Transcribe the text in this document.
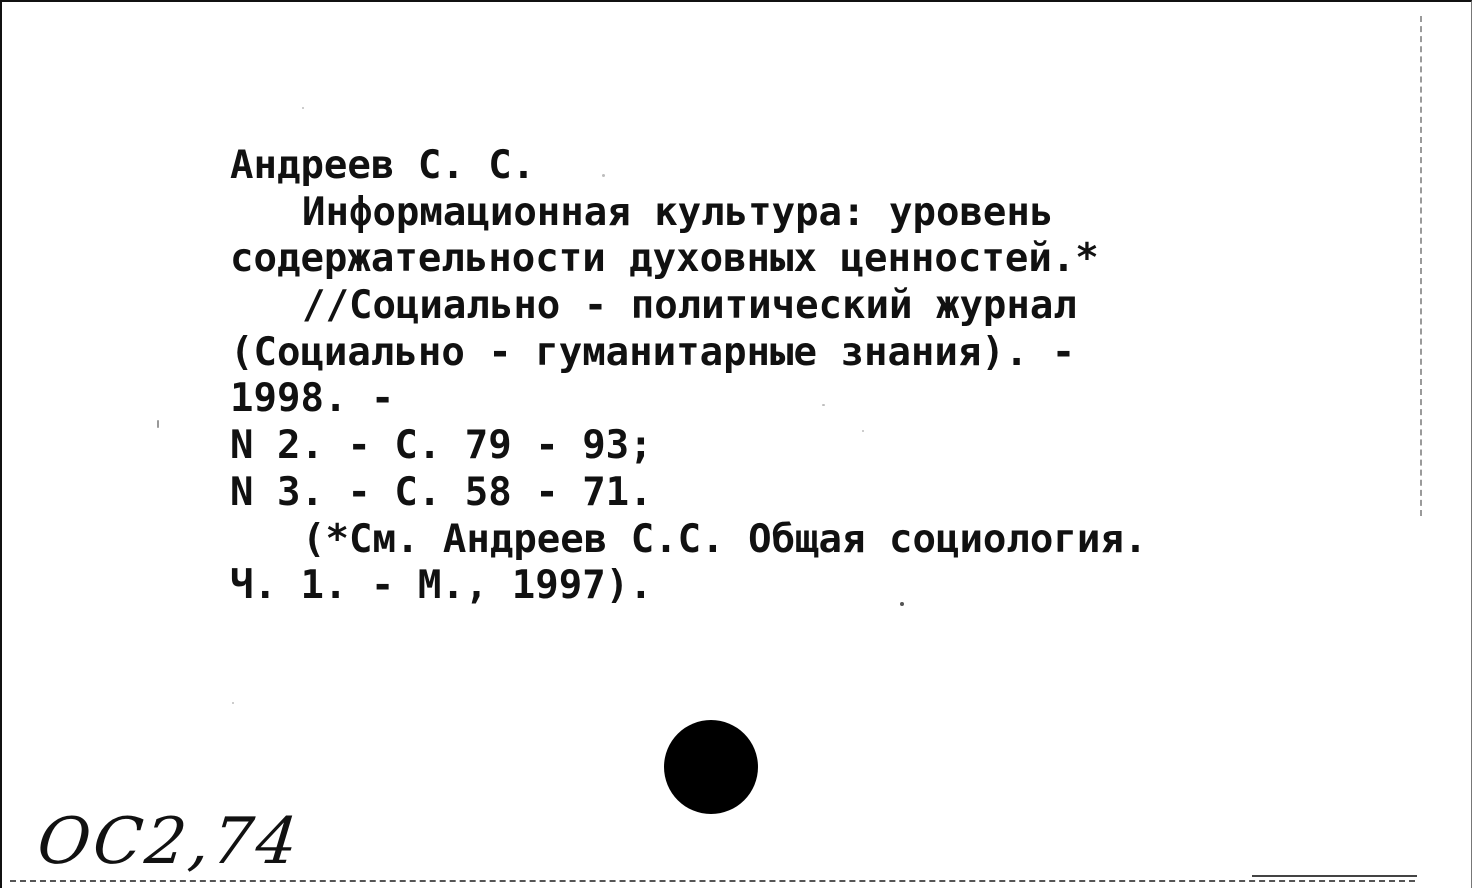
Андреев С. С.
Информационная культура: уровень
содержательности духовных ценностей.*
//Социально - политический журнал
(Социально - гуманитарные знания). -
1998. -
N 2. - С. 79 - 93;
N 3. - С. 58 - 71.
(*См. Андреев С.С. Общая социология.
Ч. 1. - М., 1997).
ОС2,74
